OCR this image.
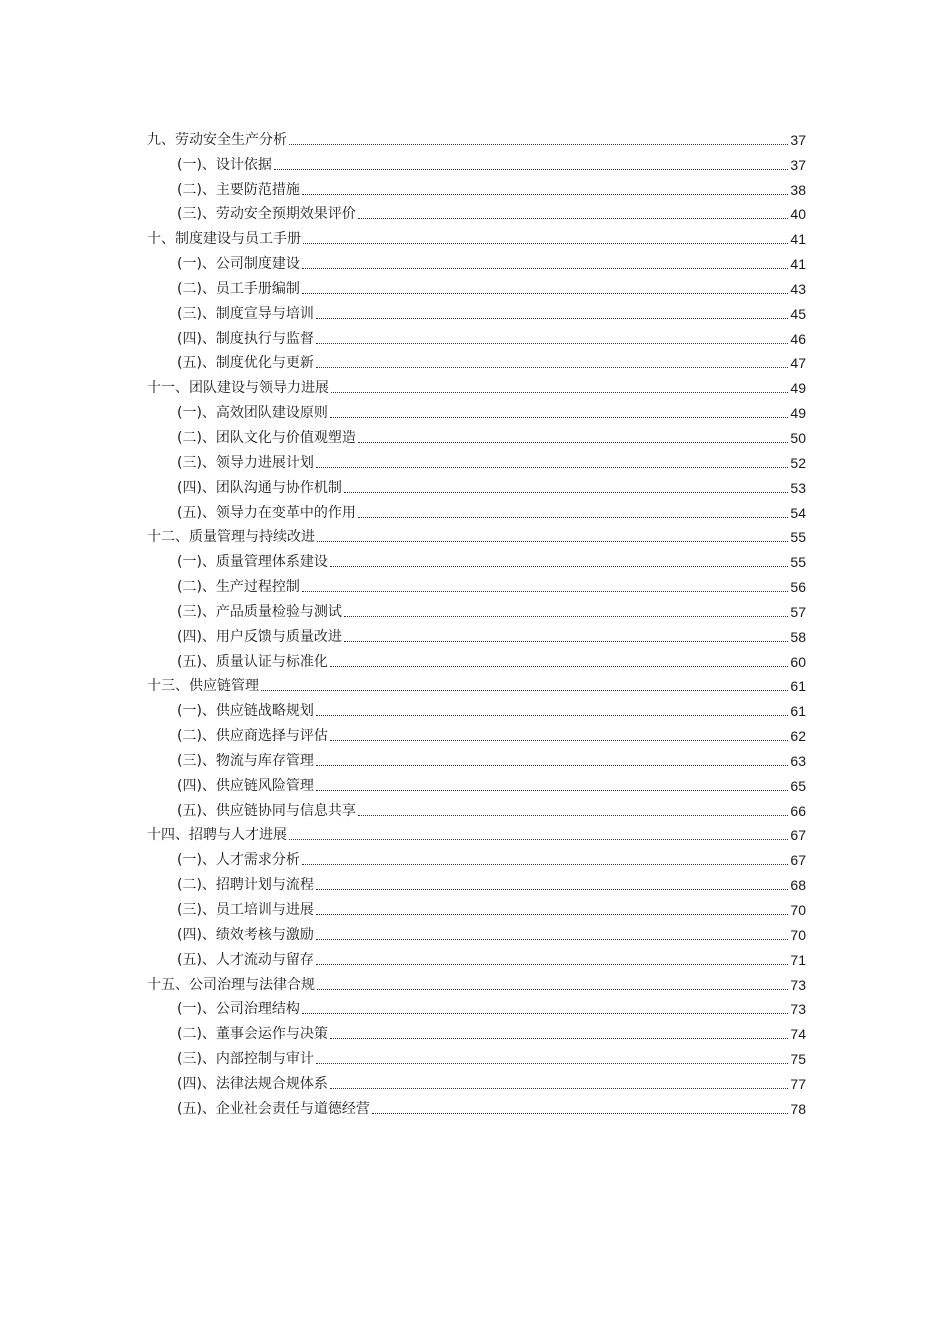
九、劳动安全生产分析	37
(一)、设计依据	37
(二)、主要防范措施	38
(三)、劳动安全预期效果评价	40
十、制度建设与员工手册	41
(一)、公司制度建设	41
(二)、员工手册编制	43
(三)、制度宣导与培训	45
(四)、制度执行与监督	46
(五)、制度优化与更新	47
十一、团队建设与领导力进展	49
(一)、高效团队建设原则	49
(二)、团队文化与价值观塑造	50
(三)、领导力进展计划	52
(四)、团队沟通与协作机制	53
(五)、领导力在变革中的作用	54
十二、质量管理与持续改进	55
(一)、质量管理体系建设	55
(二)、生产过程控制	56
(三)、产品质量检验与测试	57
(四)、用户反馈与质量改进	58
(五)、质量认证与标准化	60
十三、供应链管理	61
(一)、供应链战略规划	61
(二)、供应商选择与评估	62
(三)、物流与库存管理	63
(四)、供应链风险管理	65
(五)、供应链协同与信息共享	66
十四、招聘与人才进展	67
(一)、人才需求分析	67
(二)、招聘计划与流程	68
(三)、员工培训与进展	70
(四)、绩效考核与激励	70
(五)、人才流动与留存	71
十五、公司治理与法律合规	73
(一)、公司治理结构	73
(二)、董事会运作与决策	74
(三)、内部控制与审计	75
(四)、法律法规合规体系	77
(五)、企业社会责任与道德经营	78
